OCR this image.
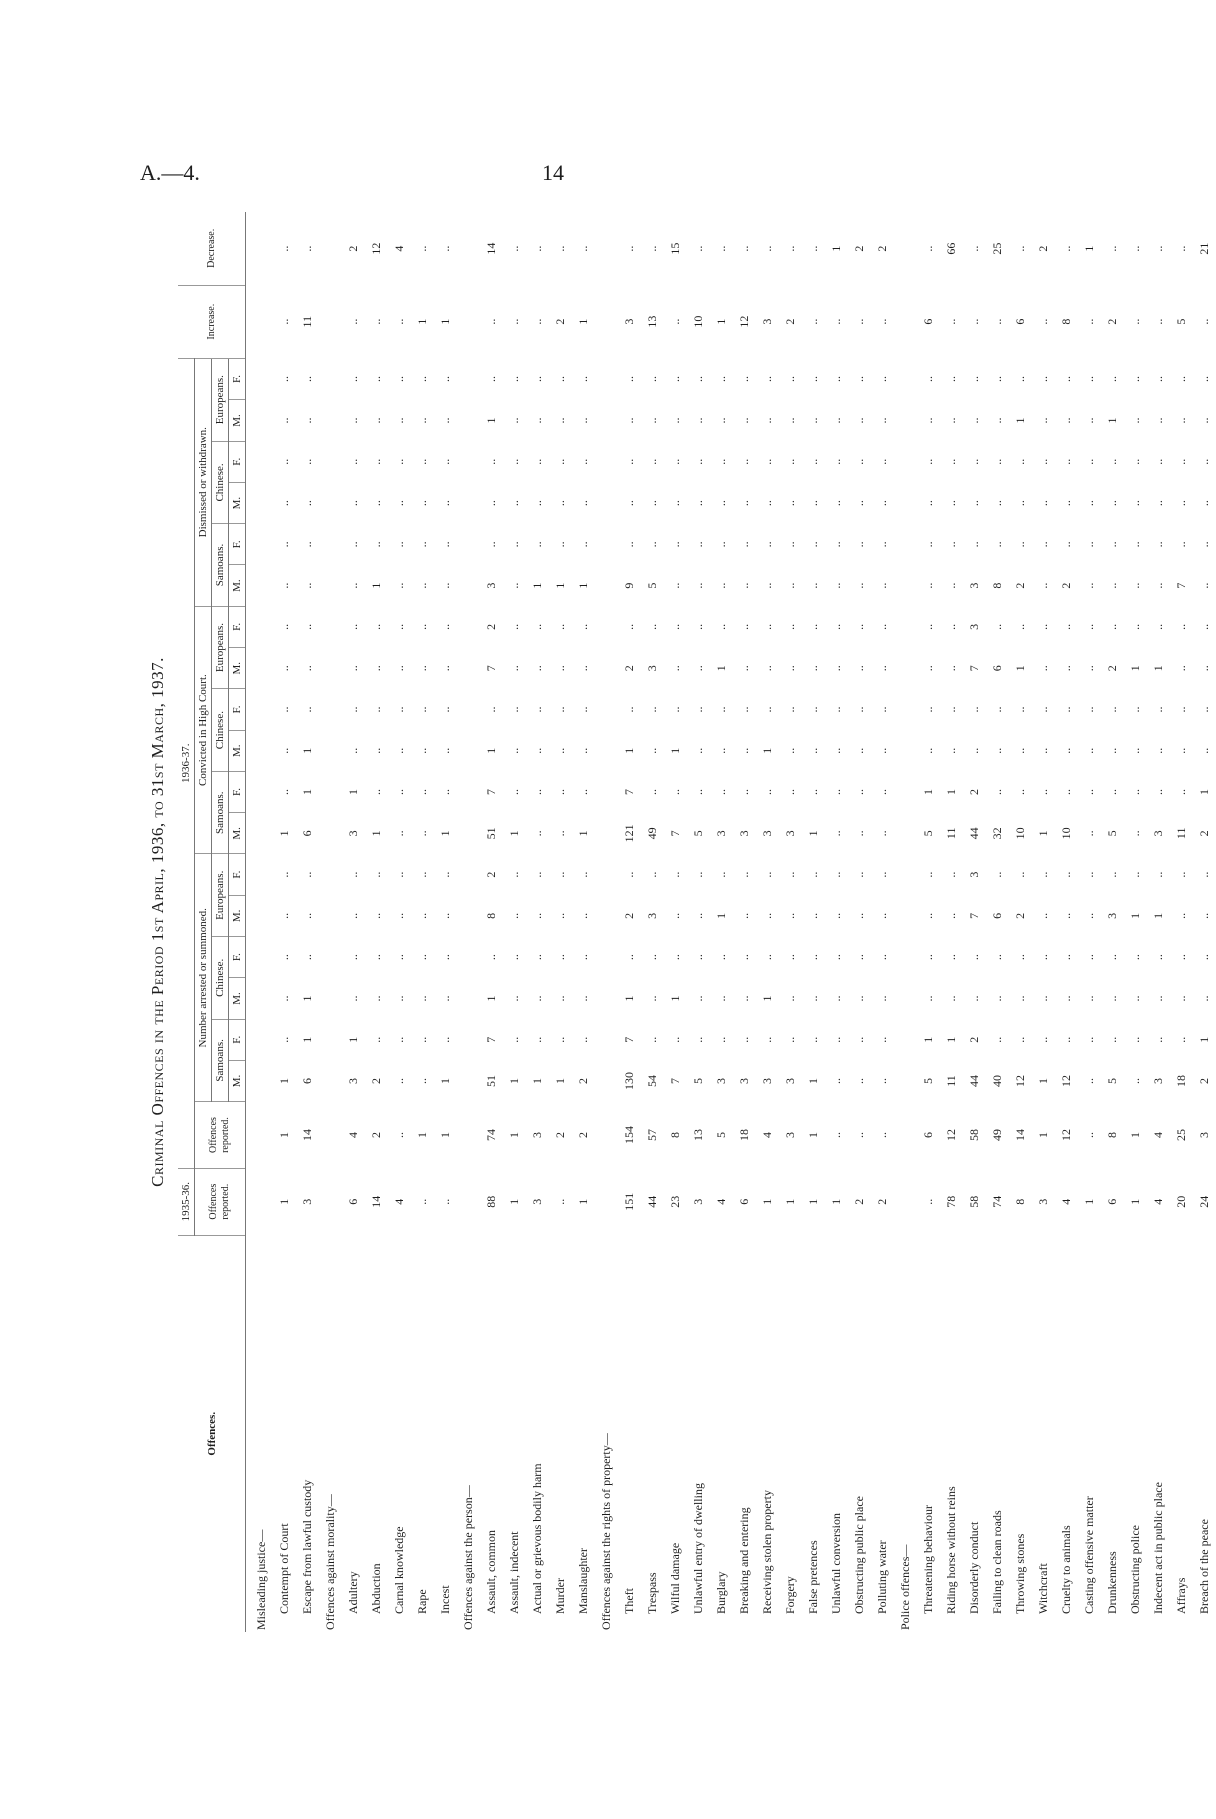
A.—4.	14
Criminal Offences in the Period 1st April, 1936, to 31st March, 1937.
Offences.	1935-36.	1936-37.																			Increase.	Decrease.
	Offences reported.	Offences reported.	Number arrested or summoned.						Convicted in High Court.						Dismissed or withdrawn.							
			Samoans.		Chinese.		Europeans.		Samoans.		Chinese.		Europeans.		Samoans.		Chinese.		Europeans.			
			M.	F.	M.	F.	M.	F.	M.	F.	M.	F.	M.	F.	M.	F.	M.	F.	M.	F.		
Misleading justice—																						
Contempt of Court	1	1	1	..	..	..	..	..	1	..	..	..	..	..	..	..	..	..	..	..	..	..
Escape from lawful custody	3	14	6	1	1	..	..	..	6	1	1	..	..	..	..	..	..	..	..	..	11	..
Offences against morality—																						
Adultery	6	4	3	1	..	..	..	..	3	1	..	..	..	..	..	..	..	..	..	..	..	2
Abduction	14	2	2	..	..	..	..	..	1	..	..	..	..	..	1	..	..	..	..	..	..	12
Carnal knowledge	4	..	..	..	..	..	..	..	..	..	..	..	..	..	..	..	..	..	..	..	..	4
Rape	..	1	..	..	..	..	..	..	..	..	..	..	..	..	..	..	..	..	..	..	1	..
Incest	..	1	1	..	..	..	..	..	1	..	..	..	..	..	..	..	..	..	..	..	1	..
Offences against the person—																						
Assault, common	88	74	51	7	1	..	8	2	51	7	1	..	7	2	3	..	..	..	1	..	..	14
Assault, indecent	1	1	1	..	..	..	..	..	1	..	..	..	..	..	..	..	..	..	..	..	..	..
Actual or grievous bodily harm	3	3	1	..	..	..	..	..	..	..	..	..	..	..	1	..	..	..	..	..	..	..
Murder	..	2	1	..	..	..	..	..	..	..	..	..	..	..	1	..	..	..	..	..	2	..
Manslaughter	1	2	2	..	..	..	..	..	1	..	..	..	..	..	1	..	..	..	..	..	1	..
Offences against the rights of property—																						
Theft	151	154	130	7	1	..	2	..	121	7	1	..	2	..	9	..	..	..	..	..	3	..
Trespass	44	57	54	..	..	..	3	..	49	..	..	..	3	..	5	..	..	..	..	..	13	..
Wilful damage	23	8	7	..	1	..	..	..	7	..	1	..	..	..	..	..	..	..	..	..	..	15
Unlawful entry of dwelling	3	13	5	..	..	..	..	..	5	..	..	..	..	..	..	..	..	..	..	..	10	..
Burglary	4	5	3	..	..	..	1	..	3	..	..	..	1	..	..	..	..	..	..	..	1	..
Breaking and entering	6	18	3	..	..	..	..	..	3	..	..	..	..	..	..	..	..	..	..	..	12	..
Receiving stolen property	1	4	3	..	1	..	..	..	3	..	1	..	..	..	..	..	..	..	..	..	3	..
Forgery	1	3	3	..	..	..	..	..	3	..	..	..	..	..	..	..	..	..	..	..	2	..
False pretences	1	1	1	..	..	..	..	..	1	..	..	..	..	..	..	..	..	..	..	..	..	..
Unlawful conversion	1	..	..	..	..	..	..	..	..	..	..	..	..	..	..	..	..	..	..	..	..	1
Obstructing public place	2	..	..	..	..	..	..	..	..	..	..	..	..	..	..	..	..	..	..	..	..	2
Polluting water	2	..	..	..	..	..	..	..	..	..	..	..	..	..	..	..	..	..	..	..	..	2
Police offences—																						
Threatening behaviour	..	6	5	1	..	..	..	..	5	1	..	..	..	..	..	..	..	..	..	..	6	..
Riding horse without reins	78	12	11	1	..	..	..	..	11	1	..	..	..	..	..	..	..	..	..	..	..	66
Disorderly conduct	58	58	44	2	..	..	7	3	44	2	..	..	7	3	3	..	..	..	..	..	..	..
Failing to clean roads	74	49	40	..	..	..	6	..	32	..	..	..	6	..	8	..	..	..	..	..	..	25
Throwing stones	8	14	12	..	..	..	2	..	10	..	..	..	1	..	2	..	..	..	1	..	6	..
Witchcraft	3	1	1	..	..	..	..	..	1	..	..	..	..	..	..	..	..	..	..	..	..	2
Cruelty to animals	4	12	12	..	..	..	..	..	10	..	..	..	..	..	2	..	..	..	..	..	8	..
Casting offensive matter	1	..	..	..	..	..	..	..	..	..	..	..	..	..	..	..	..	..	..	..	..	1
Drunkenness	6	8	5	..	..	..	3	..	5	..	..	..	2	..	..	..	..	..	1	..	2	..
Obstructing police	1	1	..	..	..	..	1	..	..	..	..	..	1	..	..	..	..	..	..	..	..	..
Indecent act in public place	4	4	3	..	..	..	1	..	3	..	..	..	1	..	..	..	..	..	..	..	..	..
Affrays	20	25	18	..	..	..	..	..	11	..	..	..	..	..	7	..	..	..	..	..	5	..
Breach of the peace	24	3	2	1	..	..	..	..	2	1	..	..	..	..	..	..	..	..	..	..	..	21
